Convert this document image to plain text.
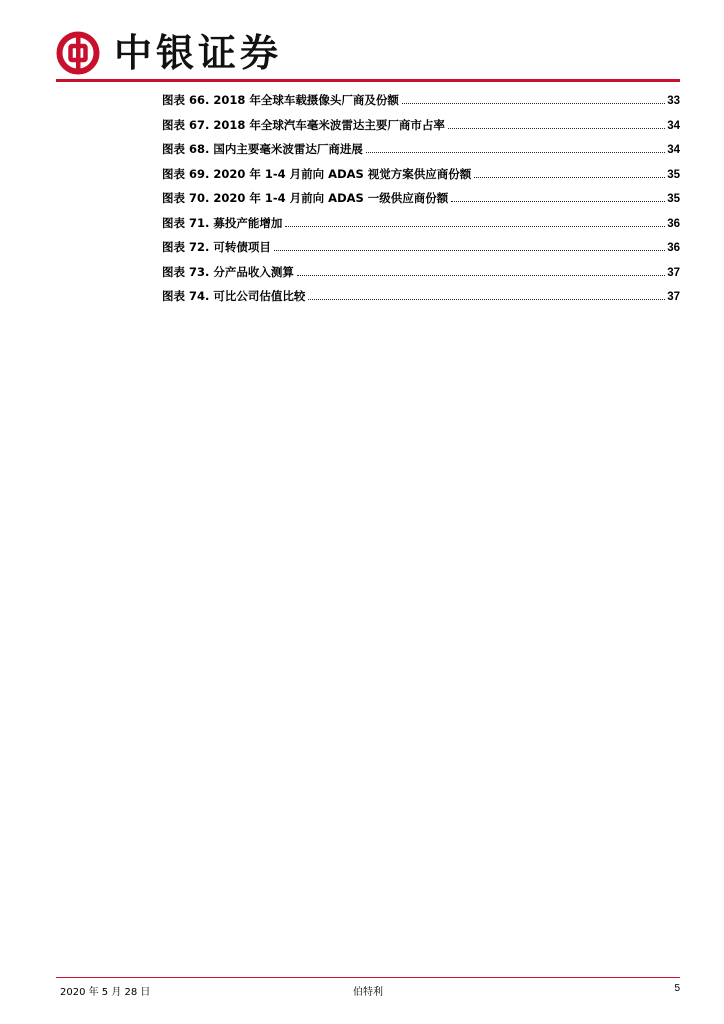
中银证券
图表 66. 2018 年全球车载摄像头厂商及份额	33
图表 67. 2018 年全球汽车毫米波雷达主要厂商市占率	34
图表 68. 国内主要毫米波雷达厂商进展	34
图表 69. 2020 年 1-4 月前向 ADAS 视觉方案供应商份额	35
图表 70. 2020 年 1-4 月前向 ADAS 一级供应商份额	35
图表 71. 募投产能增加	36
图表 72. 可转债项目	36
图表 73. 分产品收入测算	37
图表 74. 可比公司估值比较	37
2020 年 5 月 28 日	伯特利	5
